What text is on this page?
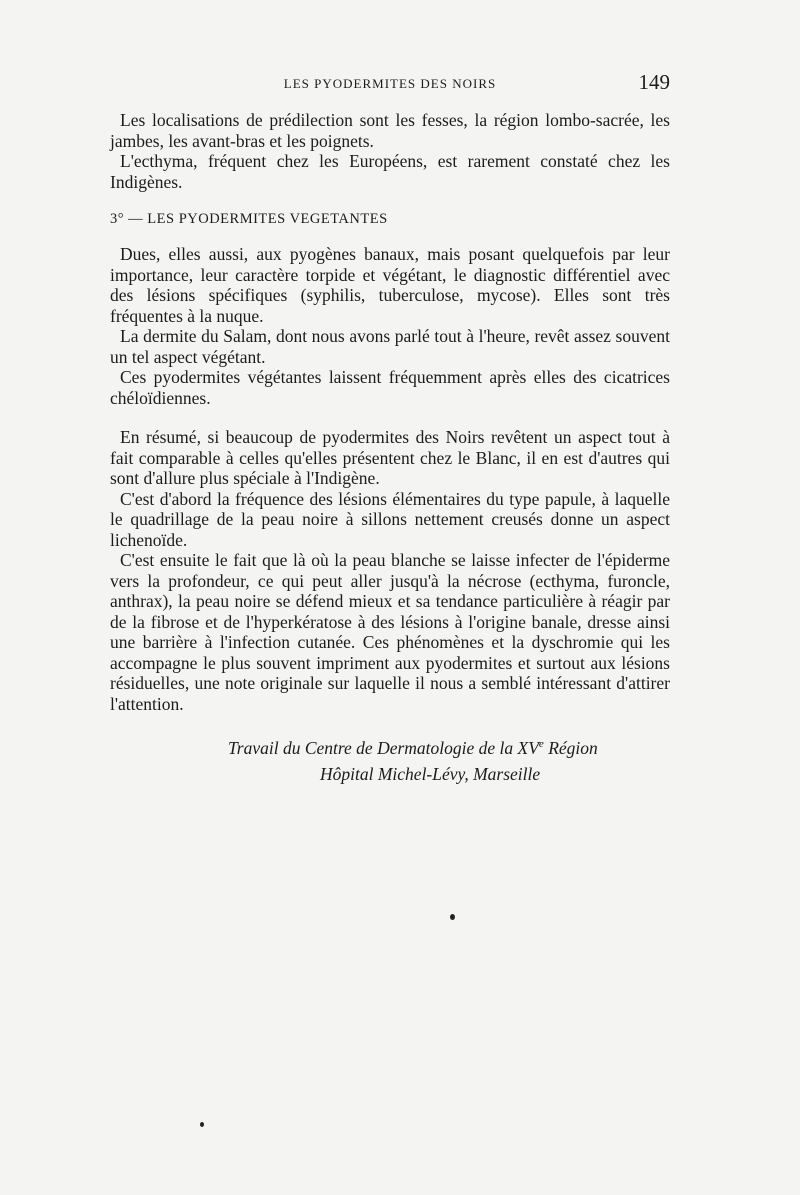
LES PYODERMITES DES NOIRS	149

Les localisations de prédilection sont les fesses, la région lombo-sacrée, les jambes, les avant-bras et les poignets.

L'ecthyma, fréquent chez les Européens, est rarement constaté chez les Indigènes.

3° — LES PYODERMITES VEGETANTES

Dues, elles aussi, aux pyogènes banaux, mais posant quelquefois par leur importance, leur caractère torpide et végétant, le diagnostic différentiel avec des lésions spécifiques (syphilis, tuberculose, mycose). Elles sont très fréquentes à la nuque.

La dermite du Salam, dont nous avons parlé tout à l'heure, revêt assez souvent un tel aspect végétant.

Ces pyodermites végétantes laissent fréquemment après elles des cicatrices chéloïdiennes.

En résumé, si beaucoup de pyodermites des Noirs revêtent un aspect tout à fait comparable à celles qu'elles présentent chez le Blanc, il en est d'autres qui sont d'allure plus spéciale à l'Indigène.

C'est d'abord la fréquence des lésions élémentaires du type papule, à laquelle le quadrillage de la peau noire à sillons nettement creusés donne un aspect lichenoïde.

C'est ensuite le fait que là où la peau blanche se laisse infecter de l'épiderme vers la profondeur, ce qui peut aller jusqu'à la nécrose (ecthyma, furoncle, anthrax), la peau noire se défend mieux et sa tendance particulière à réagir par de la fibrose et de l'hyperkératose à des lésions à l'origine banale, dresse ainsi une barrière à l'infection cutanée. Ces phénomènes et la dyschromie qui les accompagne le plus souvent impriment aux pyodermites et surtout aux lésions résiduelles, une note originale sur laquelle il nous a semblé intéressant d'attirer l'attention.

Travail du Centre de Dermatologie de la XVe Région
Hôpital Michel-Lévy, Marseille
